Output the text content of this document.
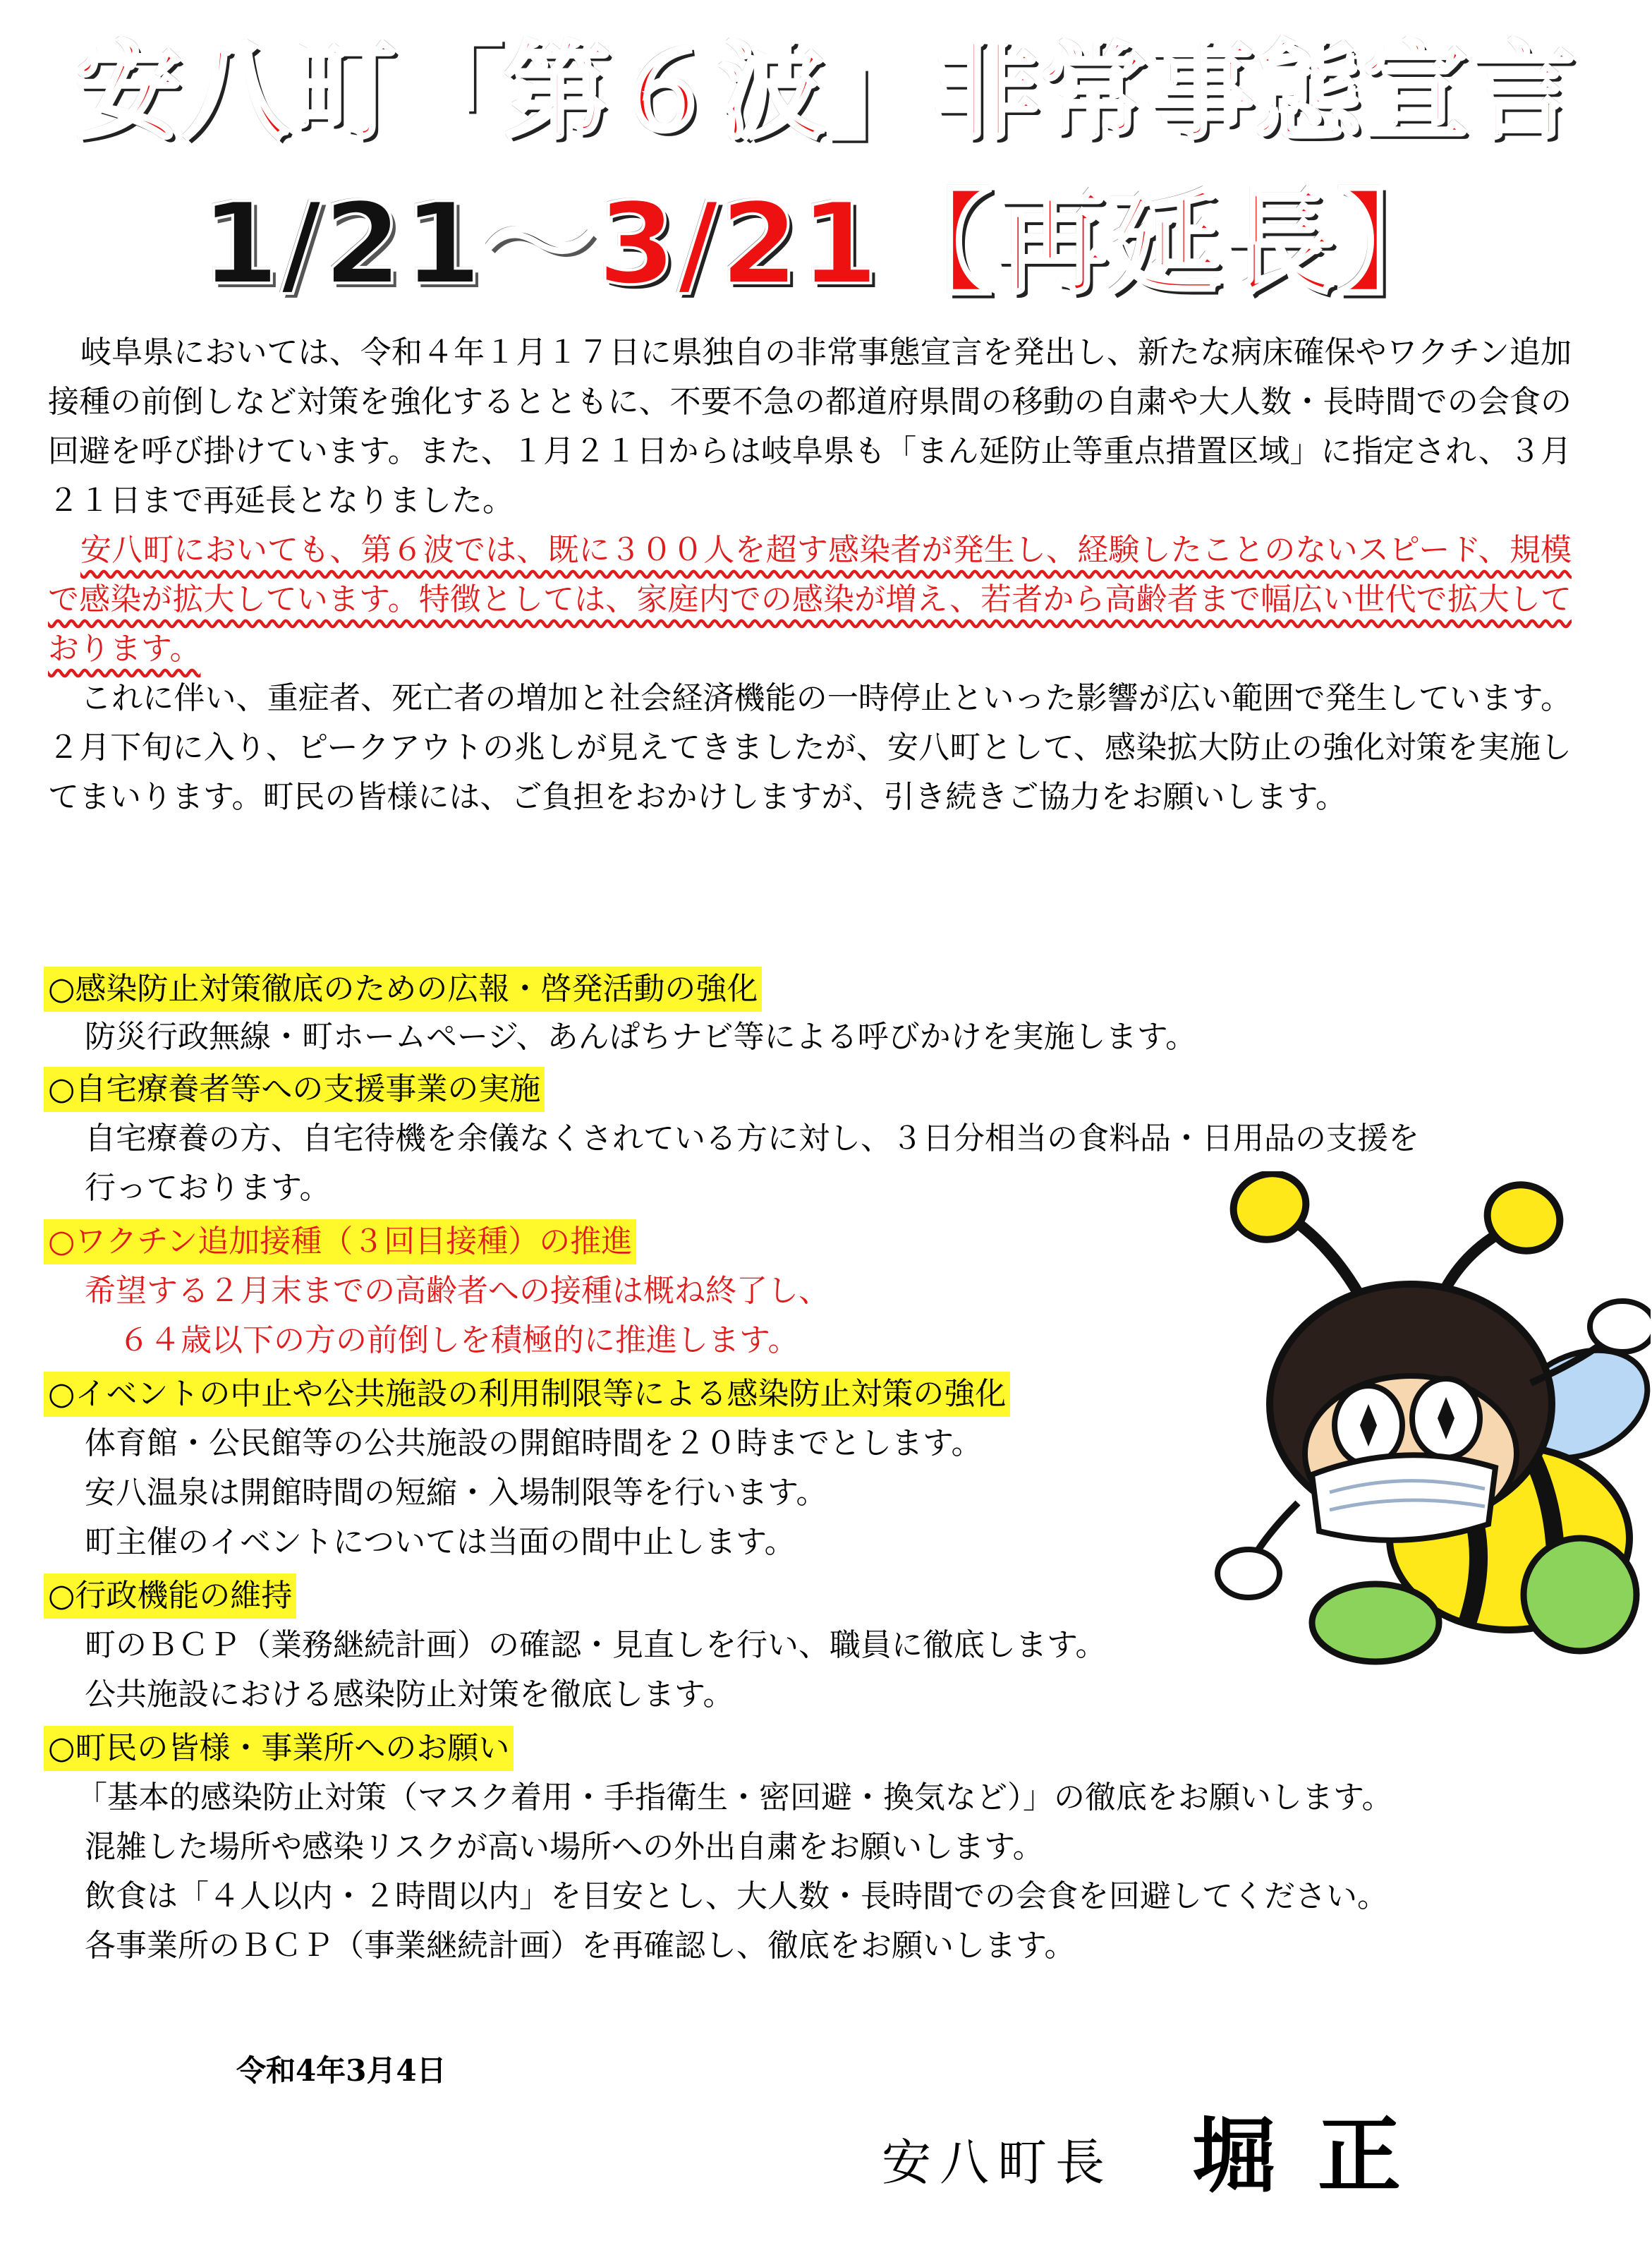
安八町「第６波」非常事態宣言
1/21～3/21【再延長】

岐阜県においては、令和４年１月１７日に県独自の非常事態宣言を発出し、新たな病床確保やワクチン追加接種の前倒しなど対策を強化するとともに、不要不急の都道府県間の移動の自粛や大人数・長時間での会食の回避を呼び掛けています。また、１月２１日からは岐阜県も「まん延防止等重点措置区域」に指定され、３月２１日まで再延長となりました。

安八町においても、第６波では、既に３００人を超す感染者が発生し、経験したことのないスピード、規模で感染が拡大しています。特徴としては、家庭内での感染が増え、若者から高齢者まで幅広い世代で拡大しております。

これに伴い、重症者、死亡者の増加と社会経済機能の一時停止といった影響が広い範囲で発生しています。２月下旬に入り、ピークアウトの兆しが見えてきましたが、安八町として、感染拡大防止の強化対策を実施してまいります。町民の皆様には、ご負担をおかけしますが、引き続きご協力をお願いします。

○感染防止対策徹底のための広報・啓発活動の強化

防災行政無線・町ホームページ、あんぱちナビ等による呼びかけを実施します。

○自宅療養者等への支援事業の実施

自宅療養の方、自宅待機を余儀なくされている方に対し、３日分相当の食料品・日用品の支援を

行っております。

○ワクチン追加接種（３回目接種）の推進

希望する２月末までの高齢者への接種は概ね終了し、

６４歳以下の方の前倒しを積極的に推進します。

○イベントの中止や公共施設の利用制限等による感染防止対策の強化

体育館・公民館等の公共施設の開館時間を２０時までとします。

安八温泉は開館時間の短縮・入場制限等を行います。

町主催のイベントについては当面の間中止します。

○行政機能の維持

町のＢＣＰ（業務継続計画）の確認・見直しを行い、職員に徹底します。

公共施設における感染防止対策を徹底します。

○町民の皆様・事業所へのお願い

「基本的感染防止対策（マスク着用・手指衛生・密回避・換気など）」の徹底をお願いします。

混雑した場所や感染リスクが高い場所への外出自粛をお願いします。

飲食は「４人以内・２時間以内」を目安とし、大人数・長時間での会食を回避してください。

各事業所のＢＣＰ（事業継続計画）を再確認し、徹底をお願いします。

令和4年3月4日
安八町長 堀正
